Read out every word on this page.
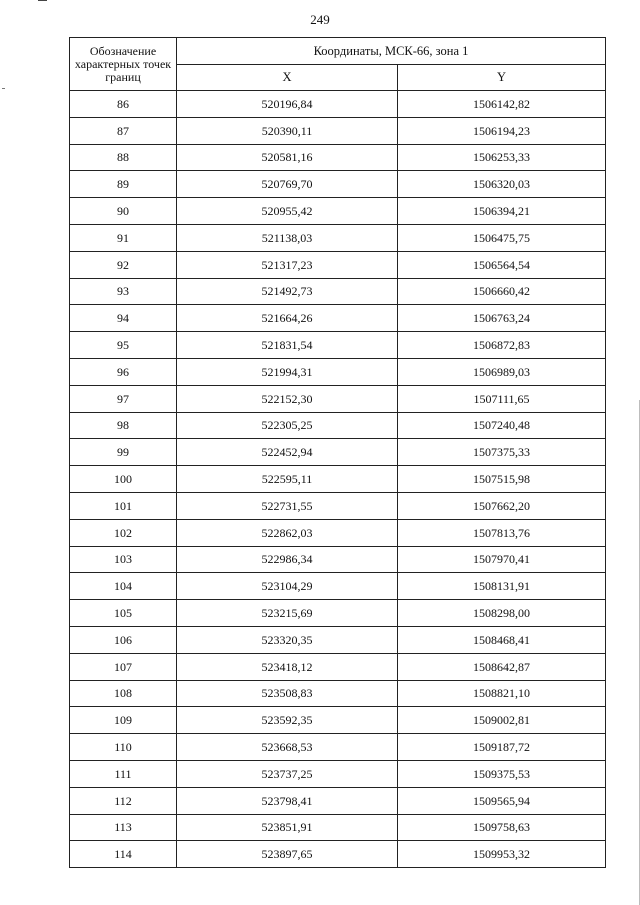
249
Обозначение характерных точек границ	Координаты, МСК-66, зона 1	
	X	Y
86	520196,84	1506142,82
87	520390,11	1506194,23
88	520581,16	1506253,33
89	520769,70	1506320,03
90	520955,42	1506394,21
91	521138,03	1506475,75
92	521317,23	1506564,54
93	521492,73	1506660,42
94	521664,26	1506763,24
95	521831,54	1506872,83
96	521994,31	1506989,03
97	522152,30	1507111,65
98	522305,25	1507240,48
99	522452,94	1507375,33
100	522595,11	1507515,98
101	522731,55	1507662,20
102	522862,03	1507813,76
103	522986,34	1507970,41
104	523104,29	1508131,91
105	523215,69	1508298,00
106	523320,35	1508468,41
107	523418,12	1508642,87
108	523508,83	1508821,10
109	523592,35	1509002,81
110	523668,53	1509187,72
111	523737,25	1509375,53
112	523798,41	1509565,94
113	523851,91	1509758,63
114	523897,65	1509953,32
